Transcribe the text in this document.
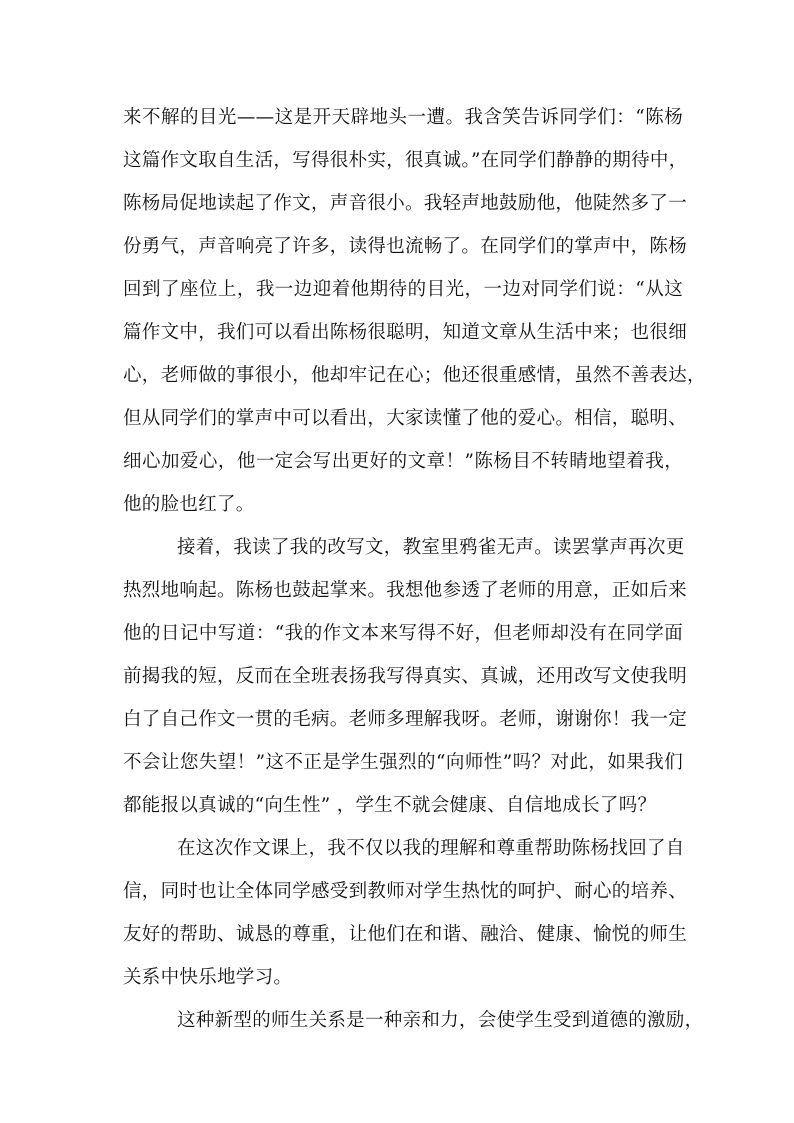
来不解的目光——这是开天辟地头一遭。我含笑告诉同学们：“陈杨
这篇作文取自生活，写得很朴实，很真诚。”在同学们静静的期待中，
陈杨局促地读起了作文，声音很小。我轻声地鼓励他，他陡然多了一
份勇气，声音响亮了许多，读得也流畅了。在同学们的掌声中，陈杨
回到了座位上，我一边迎着他期待的目光，一边对同学们说：“从这
篇作文中，我们可以看出陈杨很聪明，知道文章从生活中来；也很细
心，老师做的事很小，他却牢记在心；他还很重感情，虽然不善表达，
但从同学们的掌声中可以看出，大家读懂了他的爱心。相信，聪明、
细心加爱心，他一定会写出更好的文章！”陈杨目不转睛地望着我，
他的脸也红了。
接着，我读了我的改写文，教室里鸦雀无声。读罢掌声再次更
热烈地响起。陈杨也鼓起掌来。我想他参透了老师的用意，正如后来
他的日记中写道：“我的作文本来写得不好，但老师却没有在同学面
前揭我的短，反而在全班表扬我写得真实、真诚，还用改写文使我明
白了自己作文一贯的毛病。老师多理解我呀。老师，谢谢你！我一定
不会让您失望！”这不正是学生强烈的“向师性”吗？对此，如果我们
都能报以真诚的“向生性” ，学生不就会健康、自信地成长了吗？
在这次作文课上，我不仅以我的理解和尊重帮助陈杨找回了自
信，同时也让全体同学感受到教师对学生热忱的呵护、耐心的培养、
友好的帮助、诚恳的尊重，让他们在和谐、融洽、健康、愉悦的师生
关系中快乐地学习。
这种新型的师生关系是一种亲和力，会使学生受到道德的激励，
